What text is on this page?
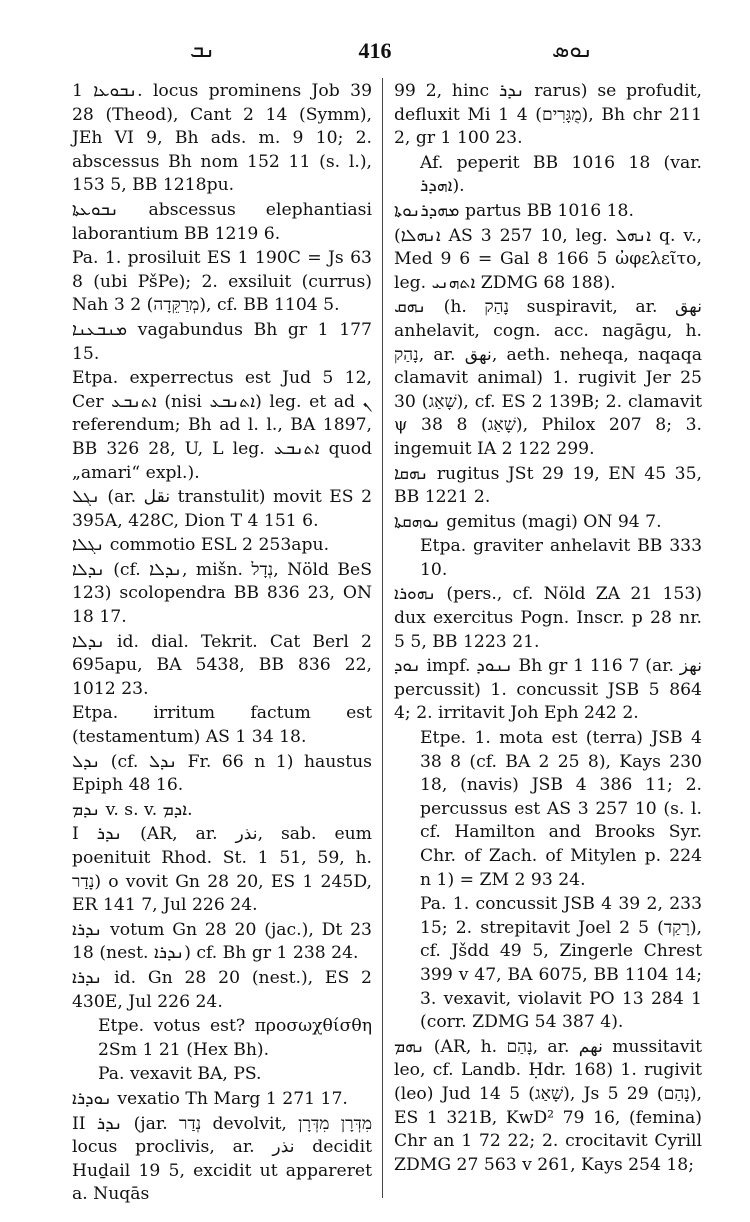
ܢܒ	416	ܢܘܣ

ܢܒܘܥܐ 1. locus prominens Job 39 28 (Theod), Cant 2 14 (Symm), JEh VI 9, Bh ads. m. 9 10; 2. abscessus Bh nom 152 11 (s. l.), 153 5, BB 1218pu.

ܢܒܘܥܬܐ abscessus elephantiasi laborantium BB 1219 6.

Pa. 1. prosiluit ES 1 190C = Js 63 8 (ubi PšPe); 2. exsiluit (currus) Nah 3 2 (מְרַקֵּדָה), cf. BB 1104 5.

ܡܢܒܥܢܐ vagabundus Bh gr 1 177 15.

Etpa. experrectus est Jud 5 12, Cer ܐܬܢܒܥ (nisi ܐܬܢܒܥ) leg. et ad ܢ referendum; Bh ad l. l., BA 1897, BB 326 28, U, L leg. ܐܬܢܒܥ quod „amari“ expl.).

ܢܓܠ (ar. نقل transtulit) movit ES 2 395A, 428C, Dion T 4 151 6.

ܢܓܠܐ commotio ESL 2 253apu.

ܢܕܠܐ (cf. ܢܕܠܐ, mišn. נְדָל, Nöld BeS 123) scolopendra BB 836 23, ON 18 17.

ܢܕܠܐ id. dial. Tekrit. Cat Berl 2 695apu, BA 5438, BB 836 22, 1012 23.

Etpa. irritum factum est (testamentum) AS 1 34 18.

ܢܕܠ (cf. ܢܕܠ Fr. 66 n 1) haustus Epiph 48 16.

ܢܕܡ v. s. v. ܐܕܡ.

I ܢܕܪ (AR, ar. نذر, sab. eum poenituit Rhod. St. 1 51, 59, h. נָדַר) o vovit Gn 28 20, ES 1 245D, ER 141 7, Jul 226 24.

ܢܕܪܐ votum Gn 28 20 (jac.), Dt 23 18 (nest. ܢܕܪܐ) cf. Bh gr 1 238 24.

ܢܕܪܐ id. Gn 28 20 (nest.), ES 2 430E, Jul 226 24.

Etpe. votus est? προσωχθίσθη 2Sm 1 21 (Hex Bh).

Pa. vexavit BA, PS.

ܢܘܕܪܐ vexatio Th Marg 1 271 17.

II ܢܕܪ (jar. נְדַר devolvit, מִדְּרָן מִדְּרָן locus proclivis, ar. نذر decidit Huḏail 19 5, excidit ut appareret a. Nuqās

99 2, hinc ܢܕܪ rarus) se profudit, defluxit Mi 1 4 (מֻגָּרִים), Bh chr 211 2, gr 1 100 23.

Af. peperit BB 1016 18 (var. ܐܗܕܪ).

ܡܗܕܪܢܘܬܐ partus BB 1016 18.

(ܐܢܗܠܐ AS 3 257 10, leg. ܐܢܗܠ q. v., Med 9 6 = Gal 8 166 5 ὠφελεῖτο, leg. ܐܬܗܢܝ ZDMG 68 188).

ܢܗܩ (h. נָהַק suspiravit, ar. نهق anhelavit, cogn. acc. nagāgu, h. נָהַק, ar. نهق, aeth. neheqa, naqaqa clamavit animal) 1. rugivit Jer 25 30 (שָׁאַג), cf. ES 2 139B; 2. clamavit ψ 38 8 (שָׁאַג), Philox 207 8; 3. ingemuit IA 2 122 299.

ܢܗܩܐ rugitus JSt 29 19, EN 45 35, BB 1221 2.

ܢܘܗܩܬܐ gemitus (magi) ON 94 7.

Etpa. graviter anhelavit BB 333 10.

ܢܗܘܪܐ (pers., cf. Nöld ZA 21 153) dux exercitus Pogn. Inscr. p 28 nr. 5 5, BB 1223 21.

ܢܘܕ impf. ܢܢܘܕ Bh gr 1 116 7 (ar. نهز percussit) 1. concussit JSB 5 864 4; 2. irritavit Joh Eph 242 2.

Etpe. 1. mota est (terra) JSB 4 38 8 (cf. BA 2 25 8), Kays 230 18, (navis) JSB 4 386 11; 2. percussus est AS 3 257 10 (s. l. cf. Hamilton and Brooks Syr. Chr. of Zach. of Mitylen p. 224 n 1) = ZM 2 93 24.

Pa. 1. concussit JSB 4 39 2, 233 15; 2. strepitavit Joel 2 5 (רָקַד), cf. Jšdd 49 5, Zingerle Chrest 399 v 47, BA 6075, BB 1104 14; 3. vexavit, violavit PO 13 284 1 (corr. ZDMG 54 387 4).

ܢܗܡ (AR, h. נָהַם, ar. نهم mussitavit leo, cf. Landb. Ḥdr. 168) 1. rugivit (leo) Jud 14 5 (שָׁאַג), Js 5 29 (נָהַם), ES 1 321B, KwD² 79 16, (femina) Chr an 1 72 22; 2. crocitavit Cyrill ZDMG 27 563 v 261, Kays 254 18;
